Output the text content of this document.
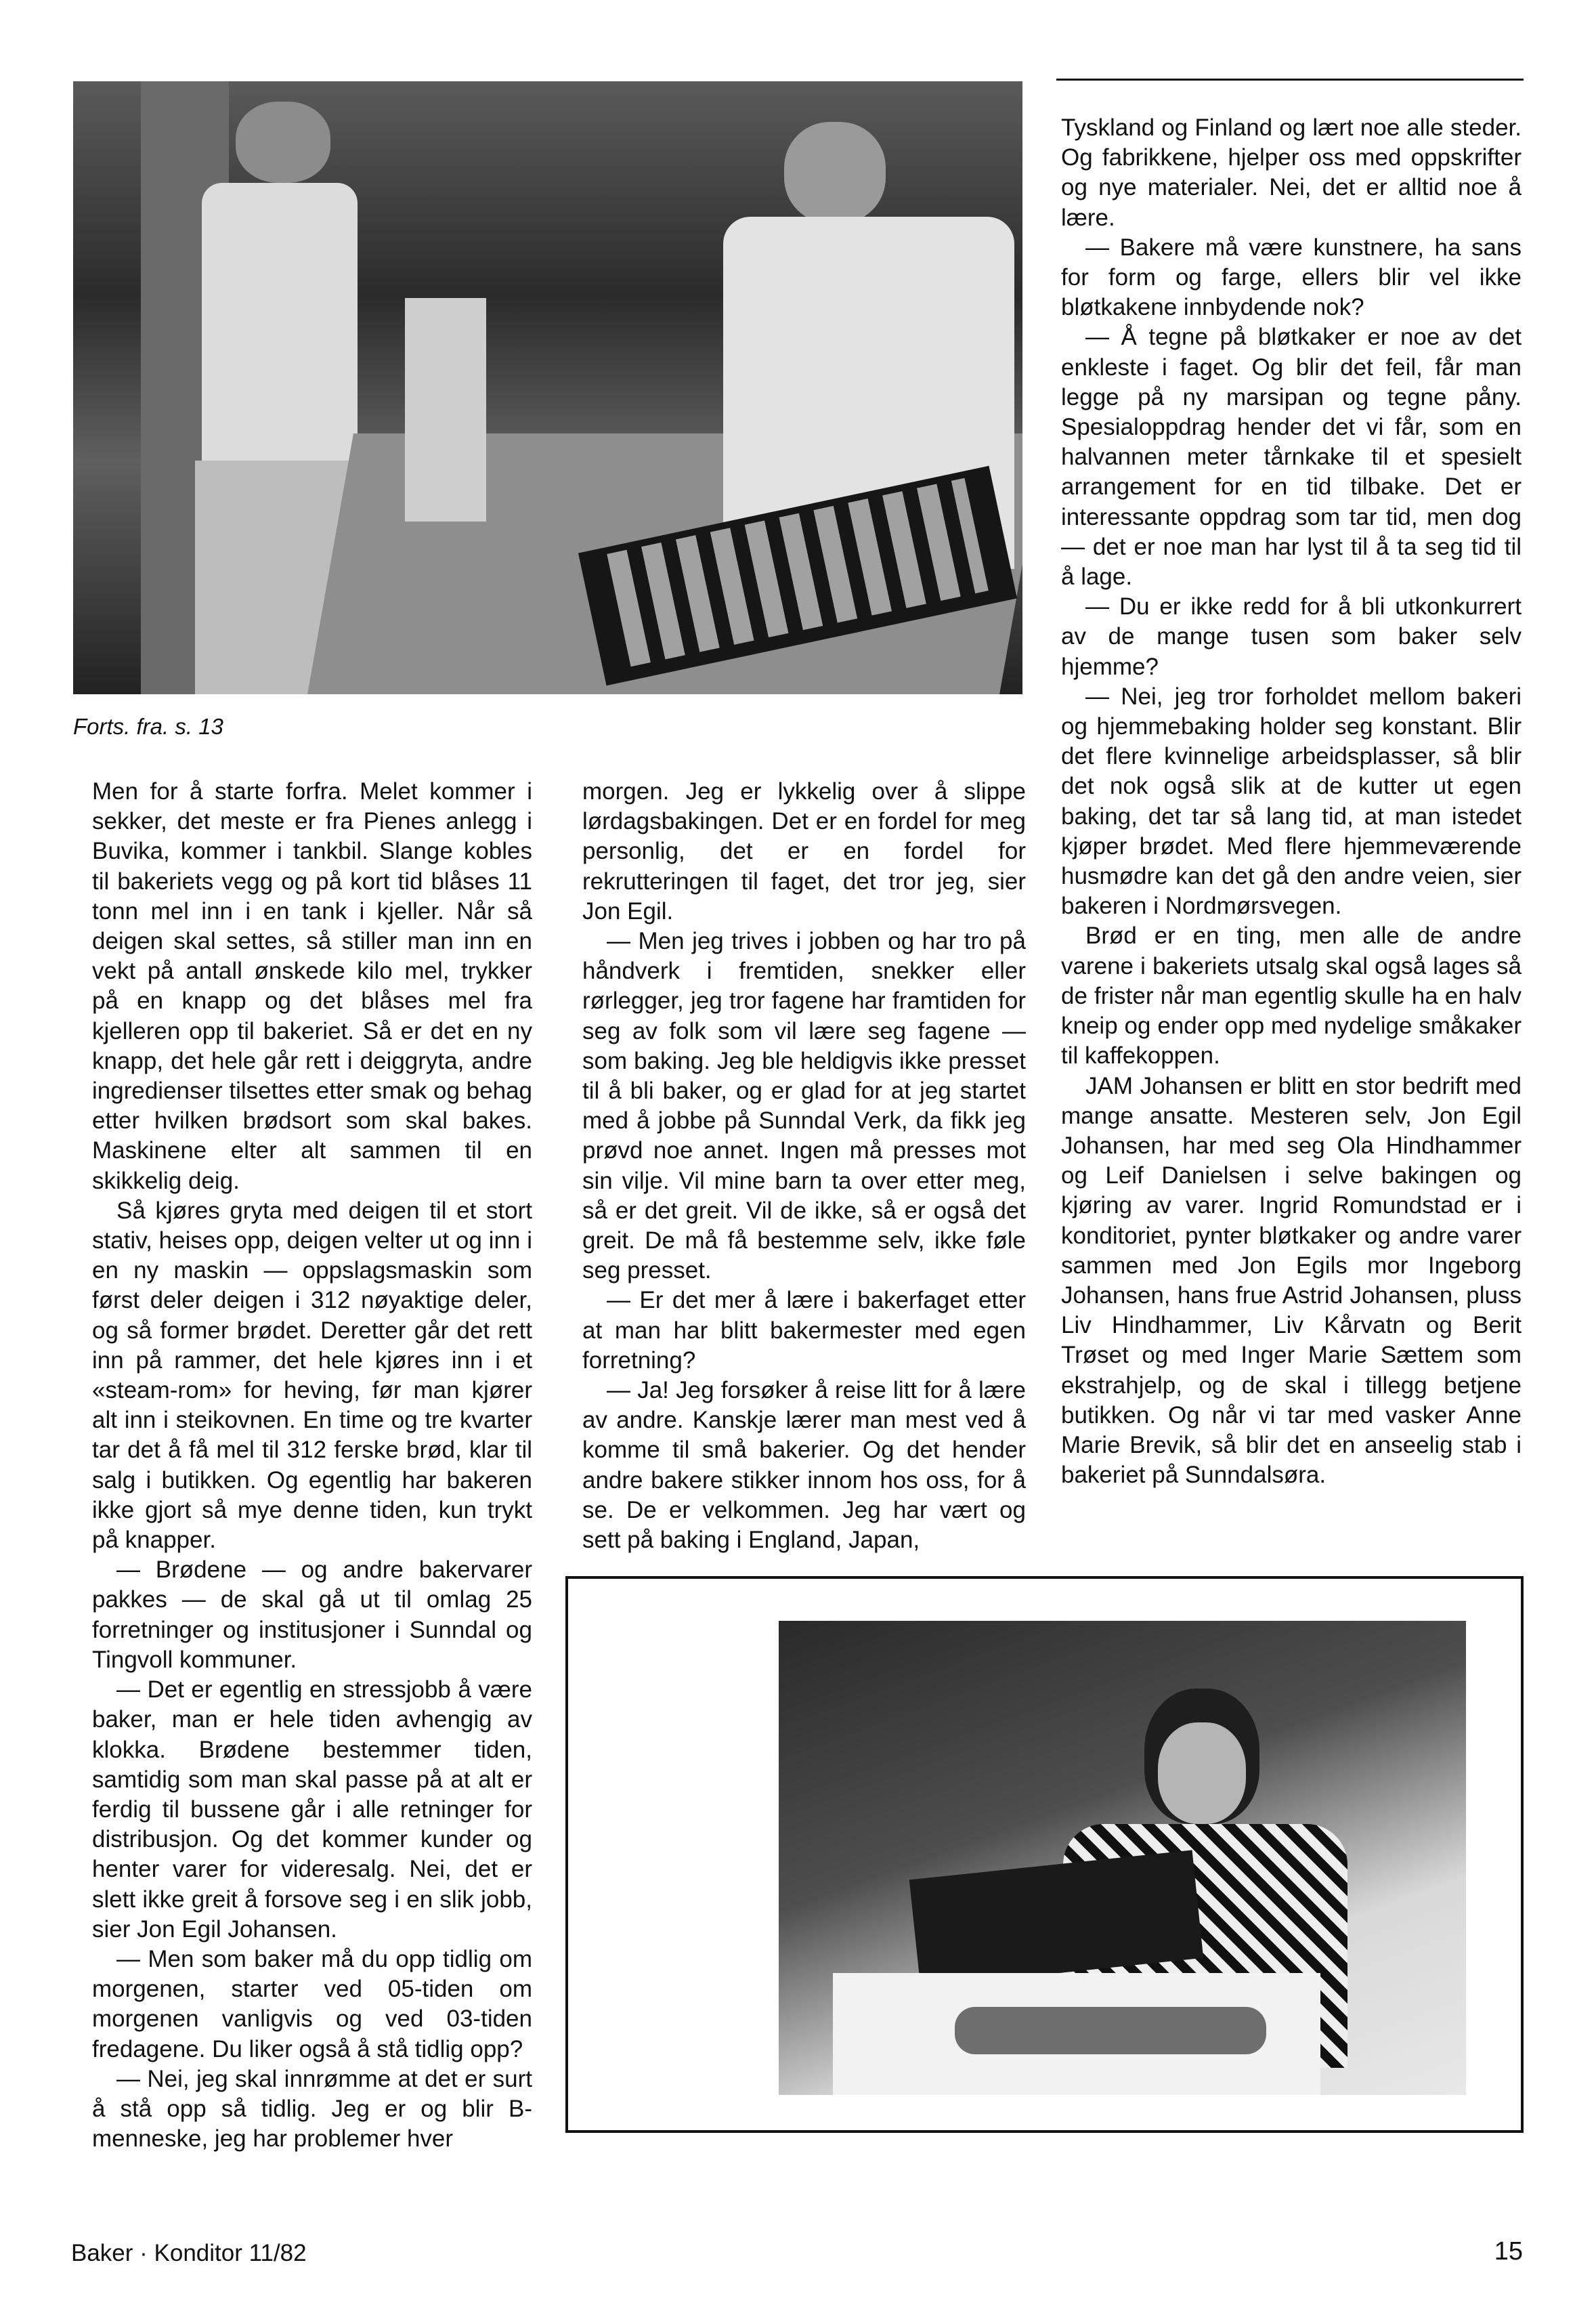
Forts. fra. s. 13

Men for å starte forfra. Melet kommer i sekker, det meste er fra Pienes anlegg i Buvika, kommer i tankbil. Slange kobles til bakeriets vegg og på kort tid blåses 11 tonn mel inn i en tank i kjeller. Når så deigen skal settes, så stiller man inn en vekt på antall ønskede kilo mel, trykker på en knapp og det blåses mel fra kjelleren opp til bakeriet. Så er det en ny knapp, det hele går rett i deiggryta, andre ingredienser tilsettes etter smak og behag etter hvilken brødsort som skal bakes. Maskinene elter alt sammen til en skikkelig deig.

Så kjøres gryta med deigen til et stort stativ, heises opp, deigen velter ut og inn i en ny maskin — oppslagsmaskin som først deler deigen i 312 nøyaktige deler, og så former brødet. Deretter går det rett inn på rammer, det hele kjøres inn i et «steam-rom» for heving, før man kjører alt inn i steikovnen. En time og tre kvarter tar det å få mel til 312 ferske brød, klar til salg i butikken. Og egentlig har bakeren ikke gjort så mye denne tiden, kun trykt på knapper.

— Brødene — og andre bakervarer pakkes — de skal gå ut til omlag 25 forretninger og institusjoner i Sunndal og Tingvoll kommuner.

— Det er egentlig en stressjobb å være baker, man er hele tiden avhengig av klokka. Brødene bestemmer tiden, samtidig som man skal passe på at alt er ferdig til bussene går i alle retninger for distribusjon. Og det kommer kunder og henter varer for videresalg. Nei, det er slett ikke greit å forsove seg i en slik jobb, sier Jon Egil Johansen.

— Men som baker må du opp tidlig om morgenen, starter ved 05-tiden om morgenen vanligvis og ved 03-tiden fredagene. Du liker også å stå tidlig opp?

— Nei, jeg skal innrømme at det er surt å stå opp så tidlig. Jeg er og blir B-menneske, jeg har problemer hver

morgen. Jeg er lykkelig over å slippe lørdagsbakingen. Det er en fordel for meg personlig, det er en fordel for rekrutteringen til faget, det tror jeg, sier Jon Egil.

— Men jeg trives i jobben og har tro på håndverk i fremtiden, snekker eller rørlegger, jeg tror fagene har framtiden for seg av folk som vil lære seg fagene — som baking. Jeg ble heldigvis ikke presset til å bli baker, og er glad for at jeg startet med å jobbe på Sunndal Verk, da fikk jeg prøvd noe annet. Ingen må presses mot sin vilje. Vil mine barn ta over etter meg, så er det greit. Vil de ikke, så er også det greit. De må få bestemme selv, ikke føle seg presset.

— Er det mer å lære i bakerfaget etter at man har blitt bakermester med egen forretning?

— Ja! Jeg forsøker å reise litt for å lære av andre. Kanskje lærer man mest ved å komme til små bakerier. Og det hender andre bakere stikker innom hos oss, for å se. De er velkommen. Jeg har vært og sett på baking i England, Japan,

Tyskland og Finland og lært noe alle steder. Og fabrikkene, hjelper oss med oppskrifter og nye materialer. Nei, det er alltid noe å lære.

— Bakere må være kunstnere, ha sans for form og farge, ellers blir vel ikke bløtkakene innbydende nok?

— Å tegne på bløtkaker er noe av det enkleste i faget. Og blir det feil, får man legge på ny marsipan og tegne påny. Spesialoppdrag hender det vi får, som en halvannen meter tårnkake til et spesielt arrangement for en tid tilbake. Det er interessante oppdrag som tar tid, men dog — det er noe man har lyst til å ta seg tid til å lage.

— Du er ikke redd for å bli utkonkurrert av de mange tusen som baker selv hjemme?

— Nei, jeg tror forholdet mellom bakeri og hjemmebaking holder seg konstant. Blir det flere kvinnelige arbeidsplasser, så blir det nok også slik at de kutter ut egen baking, det tar så lang tid, at man istedet kjøper brødet. Med flere hjemmeværende husmødre kan det gå den andre veien, sier bakeren i Nordmørsvegen.

Brød er en ting, men alle de andre varene i bakeriets utsalg skal også lages så de frister når man egentlig skulle ha en halv kneip og ender opp med nydelige småkaker til kaffekoppen.

JAM Johansen er blitt en stor bedrift med mange ansatte. Mesteren selv, Jon Egil Johansen, har med seg Ola Hindhammer og Leif Danielsen i selve bakingen og kjøring av varer. Ingrid Romundstad er i konditoriet, pynter bløtkaker og andre varer sammen med Jon Egils mor Ingeborg Johansen, hans frue Astrid Johansen, pluss Liv Hindhammer, Liv Kårvatn og Berit Trøset og med Inger Marie Sættem som ekstrahjelp, og de skal i tillegg betjene butikken. Og når vi tar med vasker Anne Marie Brevik, så blir det en anseelig stab i bakeriet på Sunndalsøra.

Baker · Konditor 11/82	15
